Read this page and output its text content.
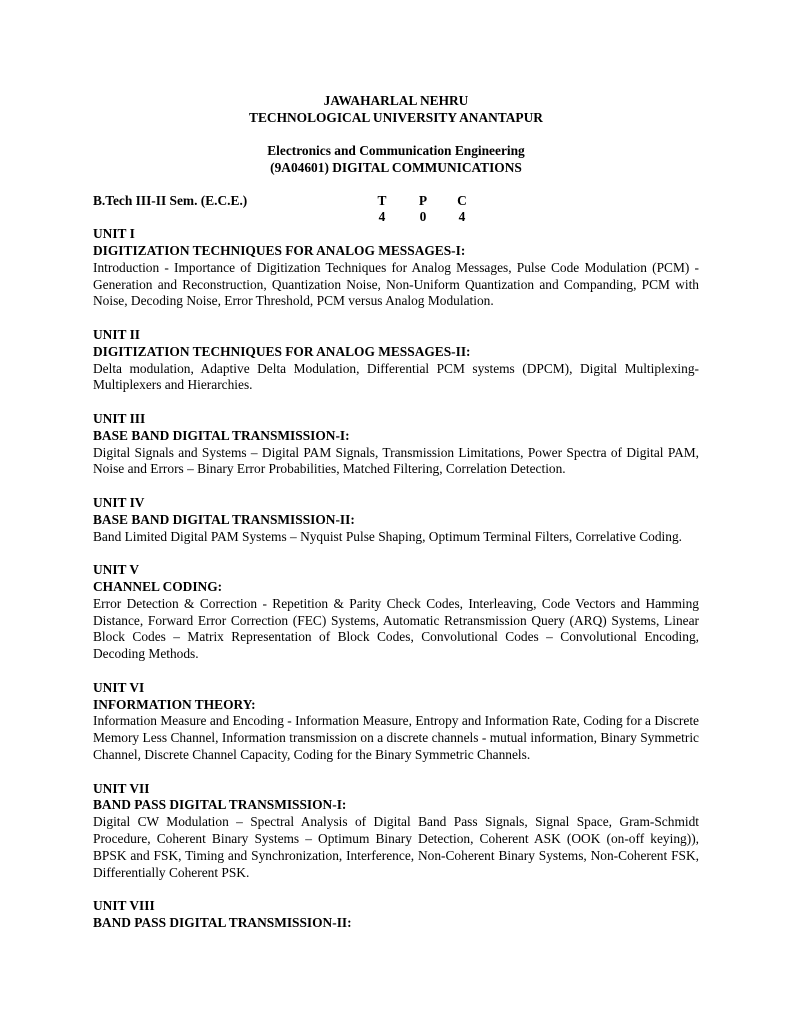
JAWAHARLAL NEHRU
TECHNOLOGICAL UNIVERSITY ANANTAPUR
Electronics and Communication Engineering
(9A04601) DIGITAL COMMUNICATIONS
B.Tech III-II Sem. (E.C.E.)	T
4
P
0
C
4
UNIT I
DIGITIZATION TECHNIQUES FOR ANALOG MESSAGES-I:
Introduction - Importance of Digitization Techniques for Analog Messages, Pulse Code Modulation (PCM) - Generation and Reconstruction, Quantization Noise, Non-Uniform Quantization and Companding, PCM with Noise, Decoding Noise, Error Threshold, PCM versus Analog Modulation.
UNIT II
DIGITIZATION TECHNIQUES FOR ANALOG MESSAGES-II:
Delta modulation, Adaptive Delta Modulation, Differential PCM systems (DPCM), Digital Multiplexing-Multiplexers and Hierarchies.
UNIT III
BASE BAND DIGITAL TRANSMISSION-I:
Digital Signals and Systems – Digital PAM Signals, Transmission Limitations, Power Spectra of Digital PAM, Noise and Errors – Binary Error Probabilities, Matched Filtering, Correlation Detection.
UNIT IV
BASE BAND DIGITAL TRANSMISSION-II:
Band Limited Digital PAM Systems – Nyquist Pulse Shaping, Optimum Terminal Filters, Correlative Coding.
UNIT V
CHANNEL CODING:
Error Detection & Correction - Repetition & Parity Check Codes, Interleaving, Code Vectors and Hamming Distance, Forward Error Correction (FEC) Systems, Automatic Retransmission Query (ARQ) Systems, Linear Block Codes – Matrix Representation of Block Codes, Convolutional Codes – Convolutional Encoding, Decoding Methods.
UNIT VI
INFORMATION THEORY:
Information Measure and Encoding - Information Measure, Entropy and Information Rate, Coding for a Discrete Memory Less Channel, Information transmission on a discrete channels - mutual information, Binary Symmetric Channel, Discrete Channel Capacity, Coding for the Binary Symmetric Channels.
UNIT VII
BAND PASS DIGITAL TRANSMISSION-I:
Digital CW Modulation – Spectral Analysis of Digital Band Pass Signals, Signal Space, Gram-Schmidt Procedure, Coherent Binary Systems – Optimum Binary Detection, Coherent ASK (OOK (on-off keying)), BPSK and FSK, Timing and Synchronization, Interference, Non-Coherent Binary Systems, Non-Coherent FSK, Differentially Coherent PSK.
UNIT VIII
BAND PASS DIGITAL TRANSMISSION-II:
